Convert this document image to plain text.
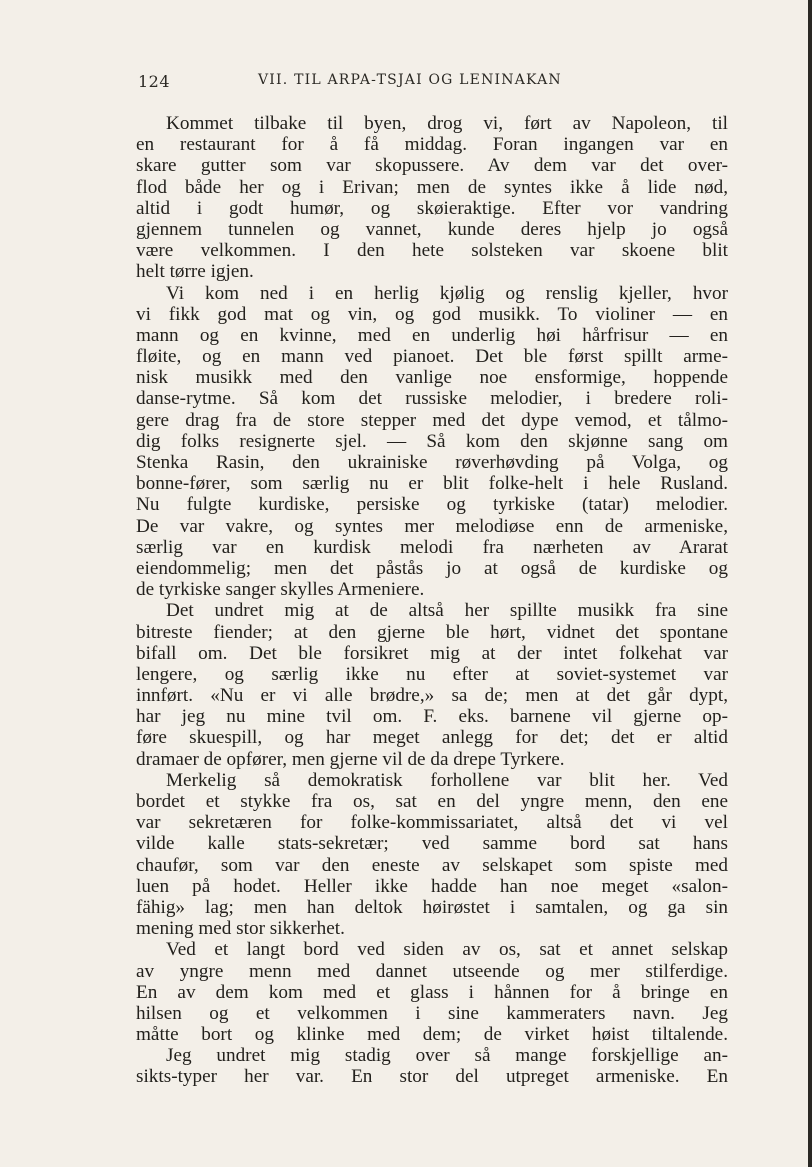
124	VII. TIL ARPA-TSJAI OG LENINAKAN
Kommet tilbake til byen, drog vi, ført av Napoleon, til
en restaurant for å få middag. Foran ingangen var en
skare gutter som var skopussere. Av dem var det over-
flod både her og i Erivan; men de syntes ikke å lide nød,
altid i godt humør, og skøieraktige. Efter vor vandring
gjennem tunnelen og vannet, kunde deres hjelp jo også
være velkommen. I den hete solsteken var skoene blit
helt tørre igjen.
Vi kom ned i en herlig kjølig og renslig kjeller, hvor
vi fikk god mat og vin, og god musikk. To violiner — en
mann og en kvinne, med en underlig høi hårfrisur — en
fløite, og en mann ved pianoet. Det ble først spillt arme-
nisk musikk med den vanlige noe ensformige, hoppende
danse-rytme. Så kom det russiske melodier, i bredere roli-
gere drag fra de store stepper med det dype vemod, et tålmo-
dig folks resignerte sjel. — Så kom den skjønne sang om
Stenka Rasin, den ukrainiske røverhøvding på Volga, og
bonne-fører, som særlig nu er blit folke-helt i hele Rusland.
Nu fulgte kurdiske, persiske og tyrkiske (tatar) melodier.
De var vakre, og syntes mer melodiøse enn de armeniske,
særlig var en kurdisk melodi fra nærheten av Ararat
eiendommelig; men det påstås jo at også de kurdiske og
de tyrkiske sanger skylles Armeniere.
Det undret mig at de altså her spillte musikk fra sine
bitreste fiender; at den gjerne ble hørt, vidnet det spontane
bifall om. Det ble forsikret mig at der intet folkehat var
lengere, og særlig ikke nu efter at soviet-systemet var
innført. «Nu er vi alle brødre,» sa de; men at det går dypt,
har jeg nu mine tvil om. F. eks. barnene vil gjerne op-
føre skuespill, og har meget anlegg for det; det er altid
dramaer de opfører, men gjerne vil de da drepe Tyrkere.
Merkelig så demokratisk forhollene var blit her. Ved
bordet et stykke fra os, sat en del yngre menn, den ene
var sekretæren for folke-kommissariatet, altså det vi vel
vilde kalle stats-sekretær; ved samme bord sat hans
chaufør, som var den eneste av selskapet som spiste med
luen på hodet. Heller ikke hadde han noe meget «salon-
fähig» lag; men han deltok høirøstet i samtalen, og ga sin
mening med stor sikkerhet.
Ved et langt bord ved siden av os, sat et annet selskap
av yngre menn med dannet utseende og mer stilferdige.
En av dem kom med et glass i hånnen for å bringe en
hilsen og et velkommen i sine kammeraters navn. Jeg
måtte bort og klinke med dem; de virket høist tiltalende.
Jeg undret mig stadig over så mange forskjellige an-
sikts-typer her var. En stor del utpreget armeniske. En
